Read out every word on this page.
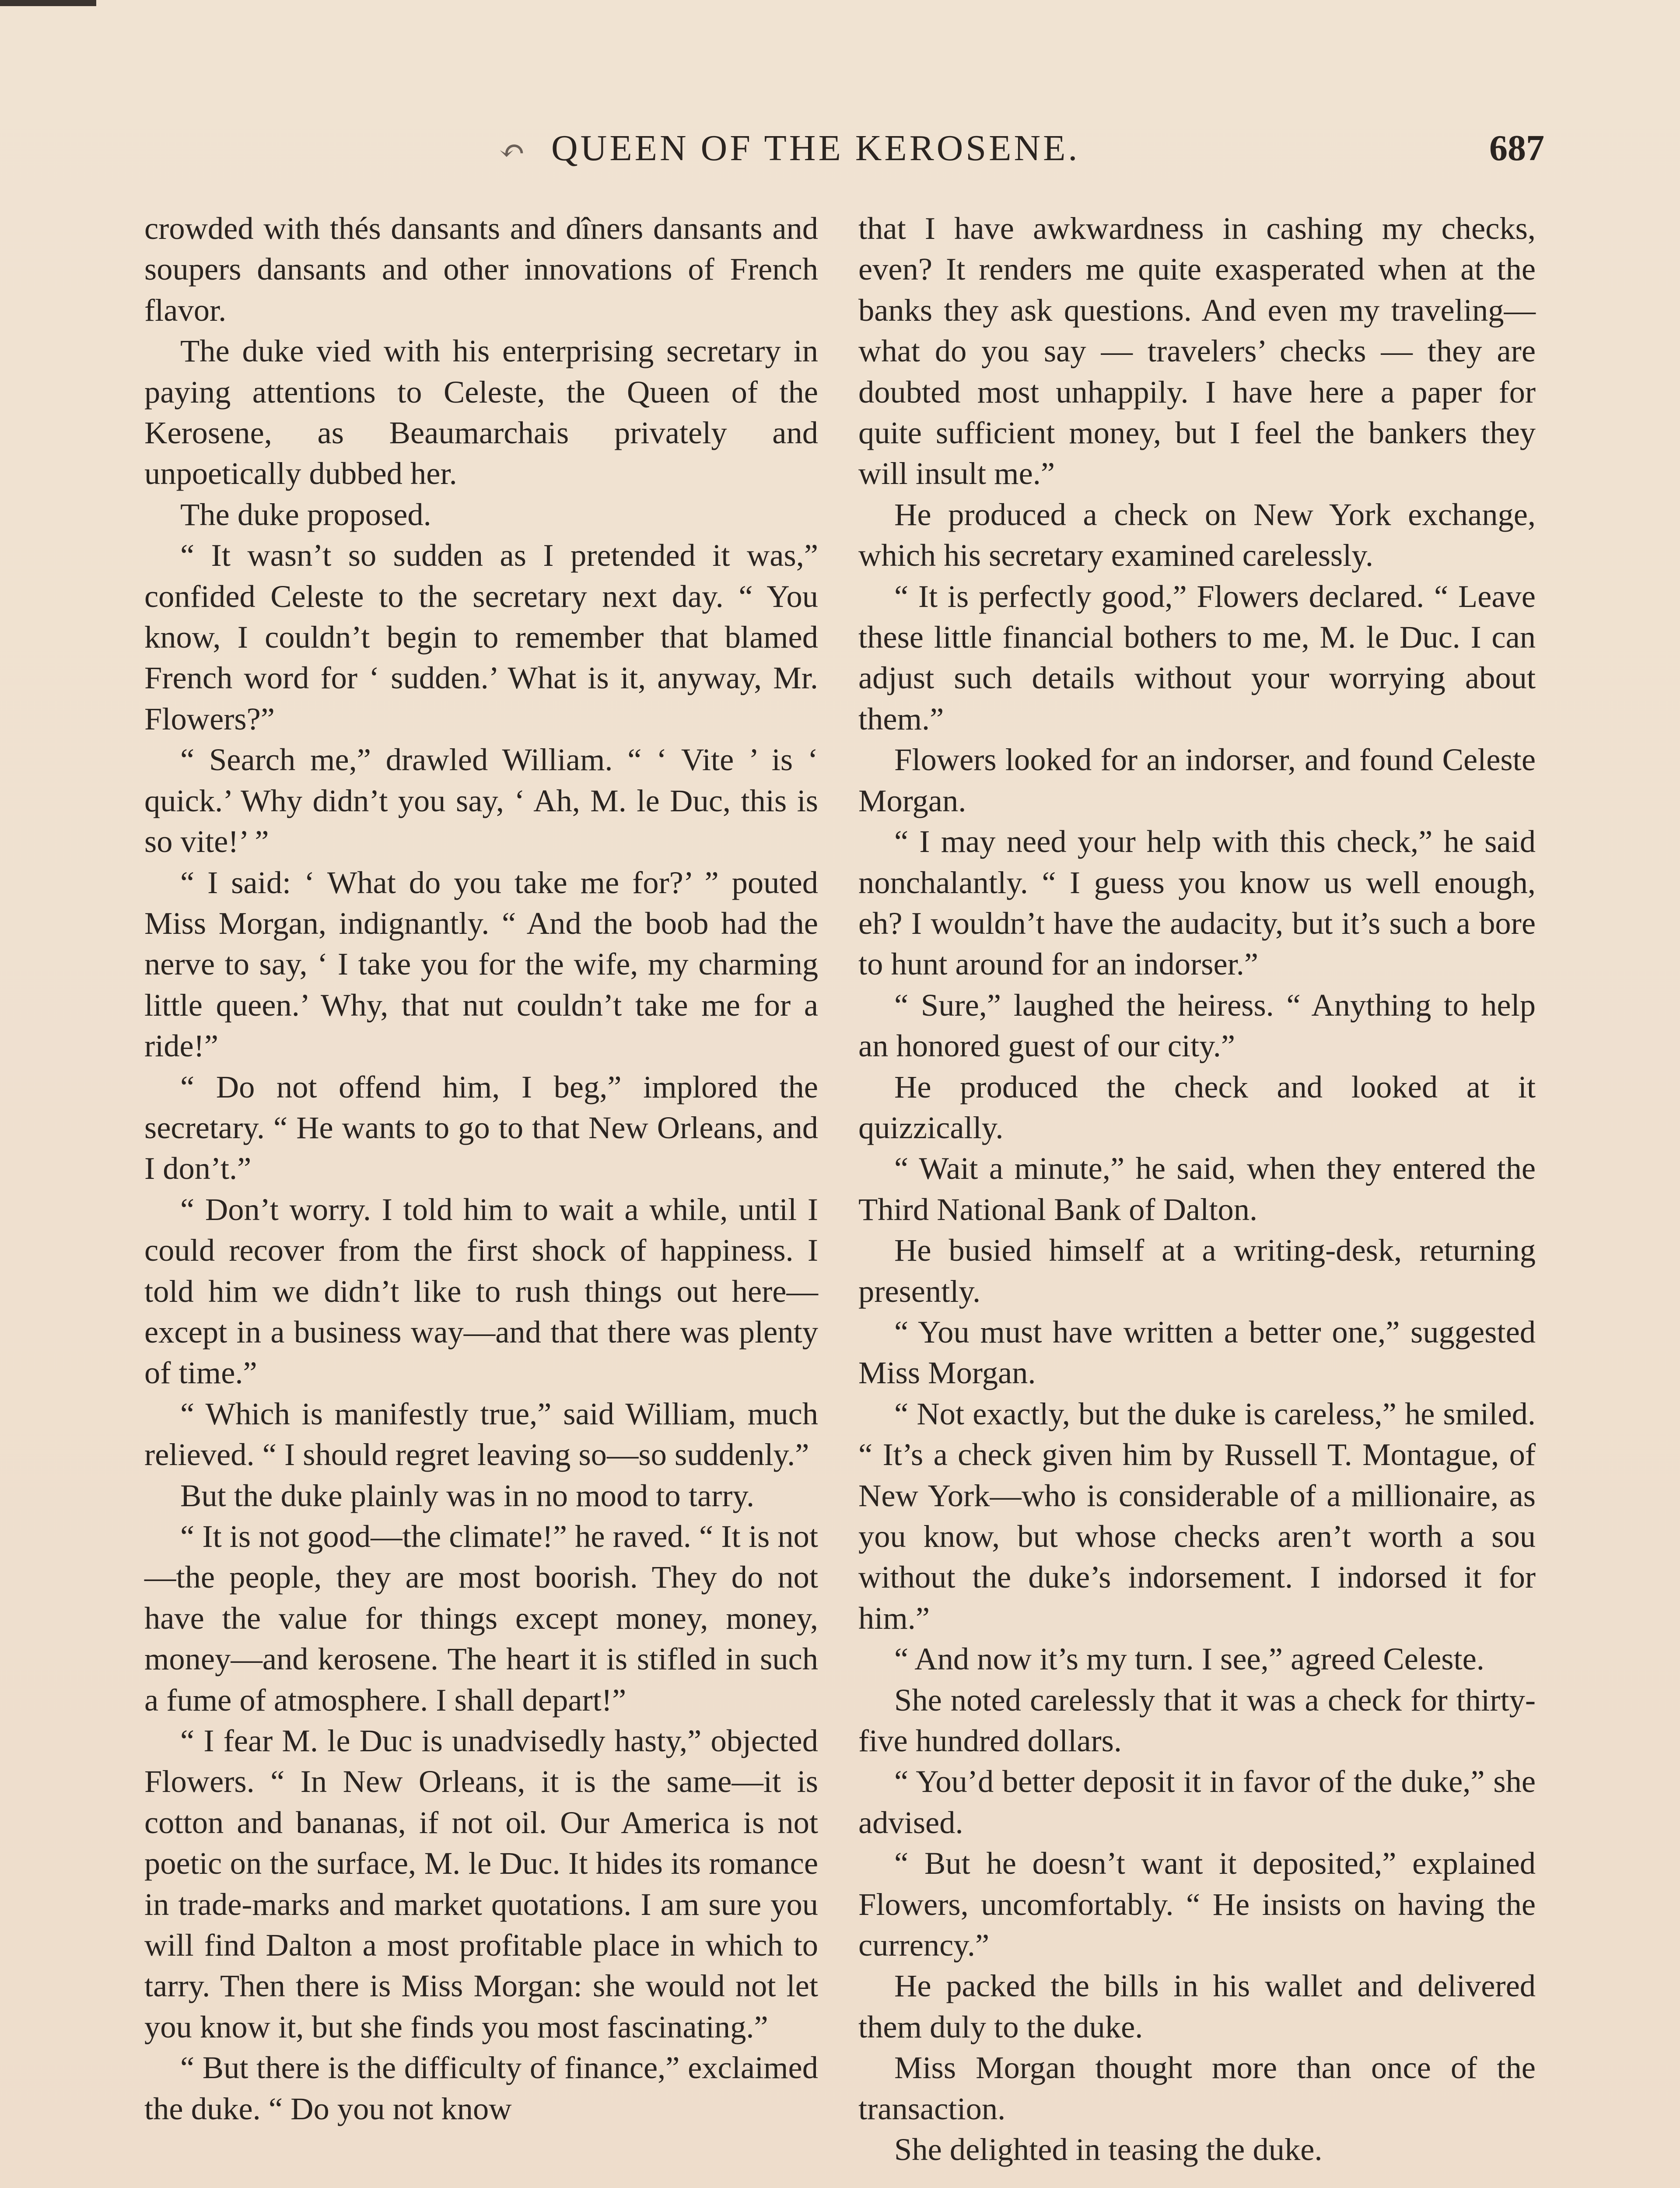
↶ QUEEN OF THE KEROSENE.	687

crowded with thés dansants and dîners dansants and soupers dansants and other innovations of French flavor.

The duke vied with his enterprising secretary in paying attentions to Celeste, the Queen of the Kerosene, as Beaumarchais privately and unpoetically dubbed her.

The duke proposed.

“ It wasn’t so sudden as I pretended it was,” confided Celeste to the secretary next day. “ You know, I couldn’t begin to remember that blamed French word for ‘ sudden.’ What is it, anyway, Mr. Flowers?”

“ Search me,” drawled William. “ ‘ Vite ’ is ‘ quick.’ Why didn’t you say, ‘ Ah, M. le Duc, this is so vite!’ ”

“ I said: ‘ What do you take me for?’ ” pouted Miss Morgan, indignantly. “ And the boob had the nerve to say, ‘ I take you for the wife, my charming little queen.’ Why, that nut couldn’t take me for a ride!”

“ Do not offend him, I beg,” implored the secretary. “ He wants to go to that New Orleans, and I don’t.”

“ Don’t worry. I told him to wait a while, until I could recover from the first shock of happiness. I told him we didn’t like to rush things out here—except in a business way—and that there was plenty of time.”

“ Which is manifestly true,” said William, much relieved. “ I should regret leaving so—so suddenly.”

But the duke plainly was in no mood to tarry.

“ It is not good—the climate!” he raved. “ It is not—the people, they are most boorish. They do not have the value for things except money, money, money—and kerosene. The heart it is stifled in such a fume of atmosphere. I shall depart!”

“ I fear M. le Duc is unadvisedly hasty,” objected Flowers. “ In New Orleans, it is the same—it is cotton and bananas, if not oil. Our America is not poetic on the surface, M. le Duc. It hides its romance in trade-marks and market quotations. I am sure you will find Dalton a most profitable place in which to tarry. Then there is Miss Morgan: she would not let you know it, but she finds you most fascinating.”

“ But there is the difficulty of finance,” exclaimed the duke. “ Do you not know

that I have awkwardness in cashing my checks, even? It renders me quite exasperated when at the banks they ask questions. And even my traveling—what do you say — travelers’ checks — they are doubted most unhappily. I have here a paper for quite sufficient money, but I feel the bankers they will insult me.”

He produced a check on New York exchange, which his secretary examined carelessly.

“ It is perfectly good,” Flowers declared. “ Leave these little financial bothers to me, M. le Duc. I can adjust such details without your worrying about them.”

Flowers looked for an indorser, and found Celeste Morgan.

“ I may need your help with this check,” he said nonchalantly. “ I guess you know us well enough, eh? I wouldn’t have the audacity, but it’s such a bore to hunt around for an indorser.”

“ Sure,” laughed the heiress. “ Anything to help an honored guest of our city.”

He produced the check and looked at it quizzically.

“ Wait a minute,” he said, when they entered the Third National Bank of Dalton.

He busied himself at a writing-desk, returning presently.

“ You must have written a better one,” suggested Miss Morgan.

“ Not exactly, but the duke is careless,” he smiled. “ It’s a check given him by Russell T. Montague, of New York—who is considerable of a millionaire, as you know, but whose checks aren’t worth a sou without the duke’s indorsement. I indorsed it for him.”

“ And now it’s my turn. I see,” agreed Celeste.

She noted carelessly that it was a check for thirty-five hundred dollars.

“ You’d better deposit it in favor of the duke,” she advised.

“ But he doesn’t want it deposited,” explained Flowers, uncomfortably. “ He insists on having the currency.”

He packed the bills in his wallet and delivered them duly to the duke.

Miss Morgan thought more than once of the transaction.

She delighted in teasing the duke.
